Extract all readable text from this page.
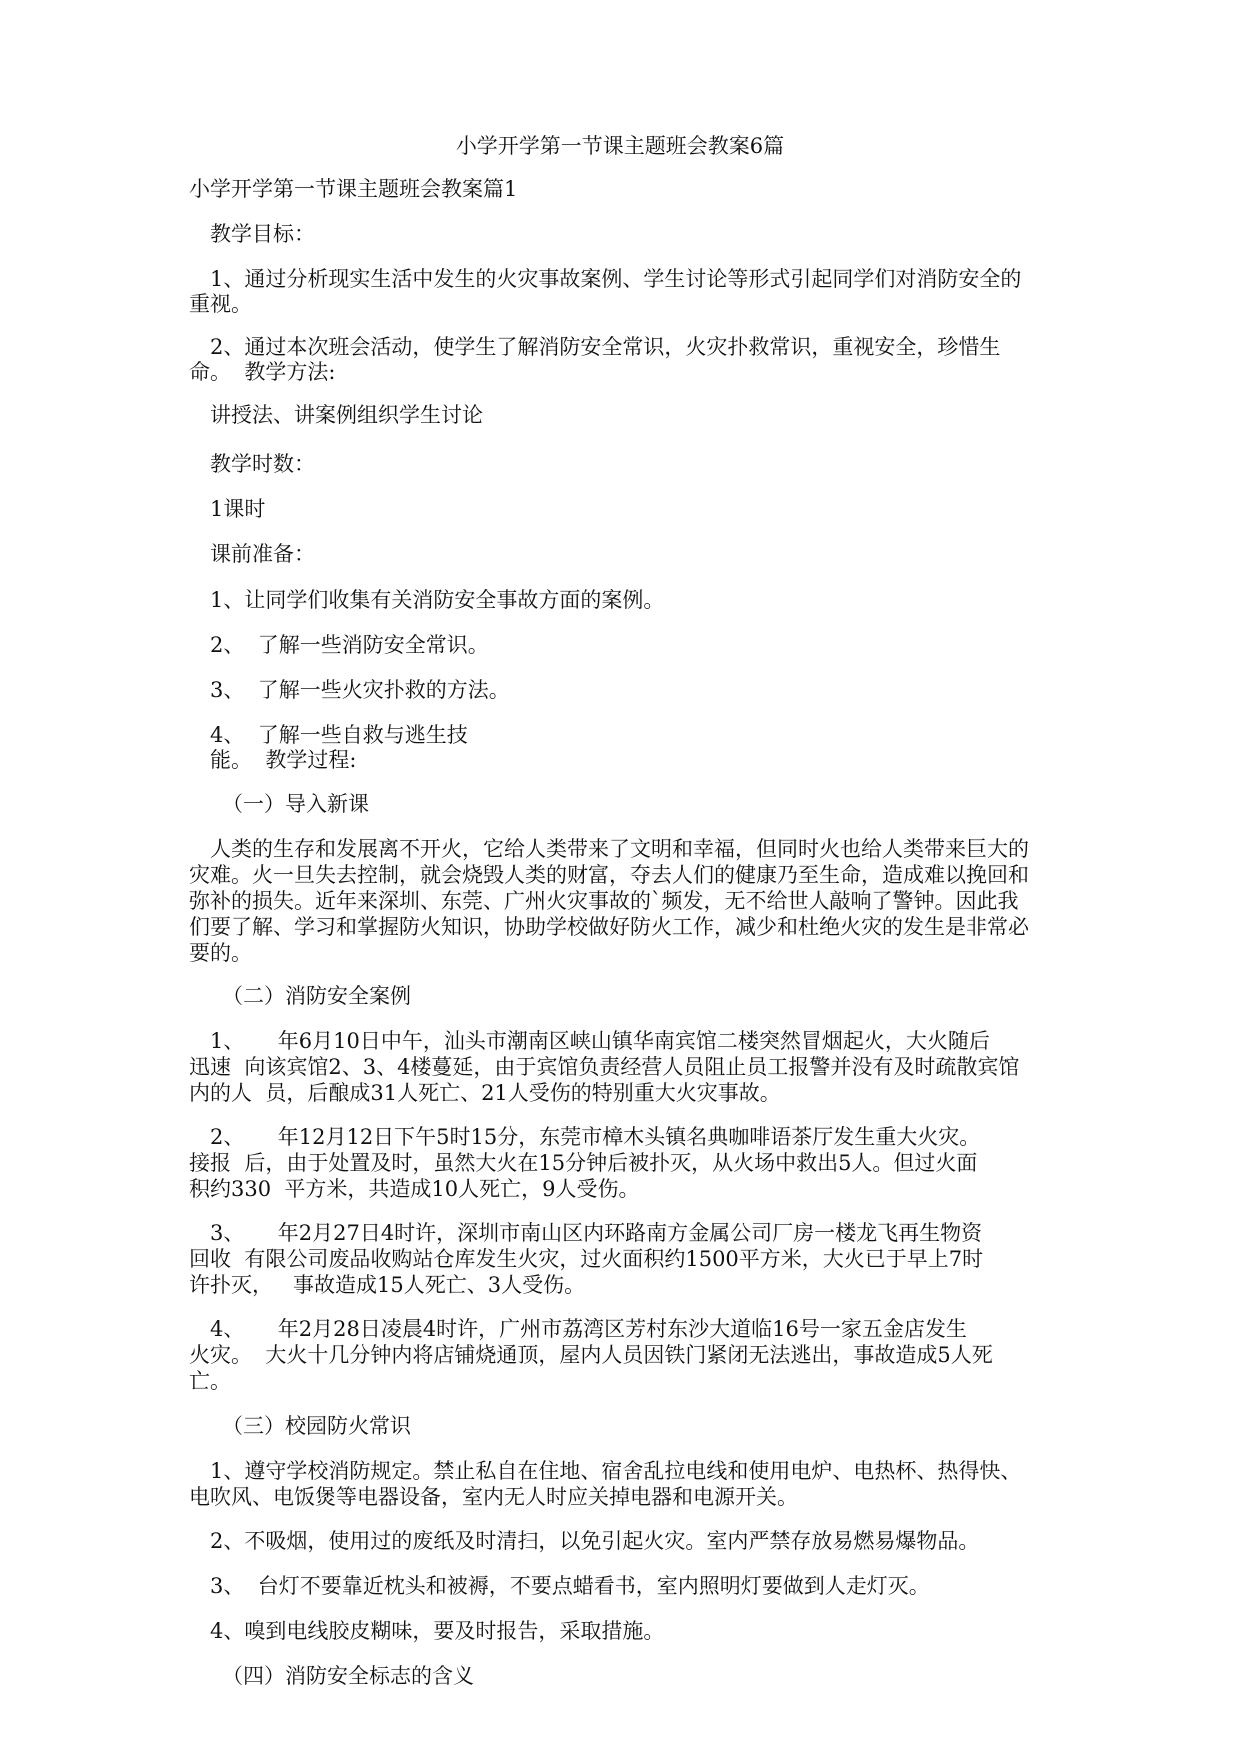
小学开学第一节课主题班会教案6篇

小学开学第一节课主题班会教案篇1

教学目标：

1、通过分析现实生活中发生的火灾事故案例、学生讨论等形式引起同学们对消防安全的

重视。

2、通过本次班会活动，使学生了解消防安全常识，火灾扑救常识，重视安全，珍惜生

命。  教学方法:

讲授法、讲案例组织学生讨论

教学时数：

1课时

课前准备：

1、让同学们收集有关消防安全事故方面的案例。

2、  了解一些消防安全常识。

3、  了解一些火灾扑救的方法。

4、  了解一些自救与逃生技

能。  教学过程:

（一）导入新课

人类的生存和发展离不开火，它给人类带来了文明和幸福，但同时火也给人类带来巨大的

灾难。火一旦失去控制，就会烧毁人类的财富，夺去人们的健康乃至生命，造成难以挽回和

弥补的损失。近年来深圳、东莞、广州火灾事故的`频发，无不给世人敲响了警钟。因此我

们要了解、学习和掌握防火知识，协助学校做好防火工作，减少和杜绝火灾的发生是非常必

要的。

（二）消防安全案例

1、     年6月10日中午，汕头市潮南区峡山镇华南宾馆二楼突然冒烟起火，大火随后

迅速  向该宾馆2、3、4楼蔓延，由于宾馆负责经营人员阻止员工报警并没有及时疏散宾馆

内的人  员，后酿成31人死亡、21人受伤的特别重大火灾事故。

2、     年12月12日下午5时15分，东莞市樟木头镇名典咖啡语茶厅发生重大火灾。

接报  后，由于处置及时，虽然大火在15分钟后被扑灭，从火场中救出5人。但过火面

积约330  平方米，共造成10人死亡，9人受伤。

3、     年2月27日4时许，深圳市南山区内环路南方金属公司厂房一楼龙飞再生物资

回收  有限公司废品收购站仓库发生火灾，过火面积约1500平方米，大火已于早上7时

许扑灭，   事故造成15人死亡、3人受伤。

4、     年2月28日凌晨4时许，广州市荔湾区芳村东沙大道临16号一家五金店发生

火灾。  大火十几分钟内将店铺烧通顶，屋内人员因铁门紧闭无法逃出，事故造成5人死

亡。

（三）校园防火常识

1、遵守学校消防规定。禁止私自在住地、宿舍乱拉电线和使用电炉、电热杯、热得快、

电吹风、电饭煲等电器设备，室内无人时应关掉电器和电源开关。

2、不吸烟，使用过的废纸及时清扫，以免引起火灾。室内严禁存放易燃易爆物品。

3、  台灯不要靠近枕头和被褥，不要点蜡看书，室内照明灯要做到人走灯灭。

4、嗅到电线胶皮糊味，要及时报告，采取措施。

（四）消防安全标志的含义
